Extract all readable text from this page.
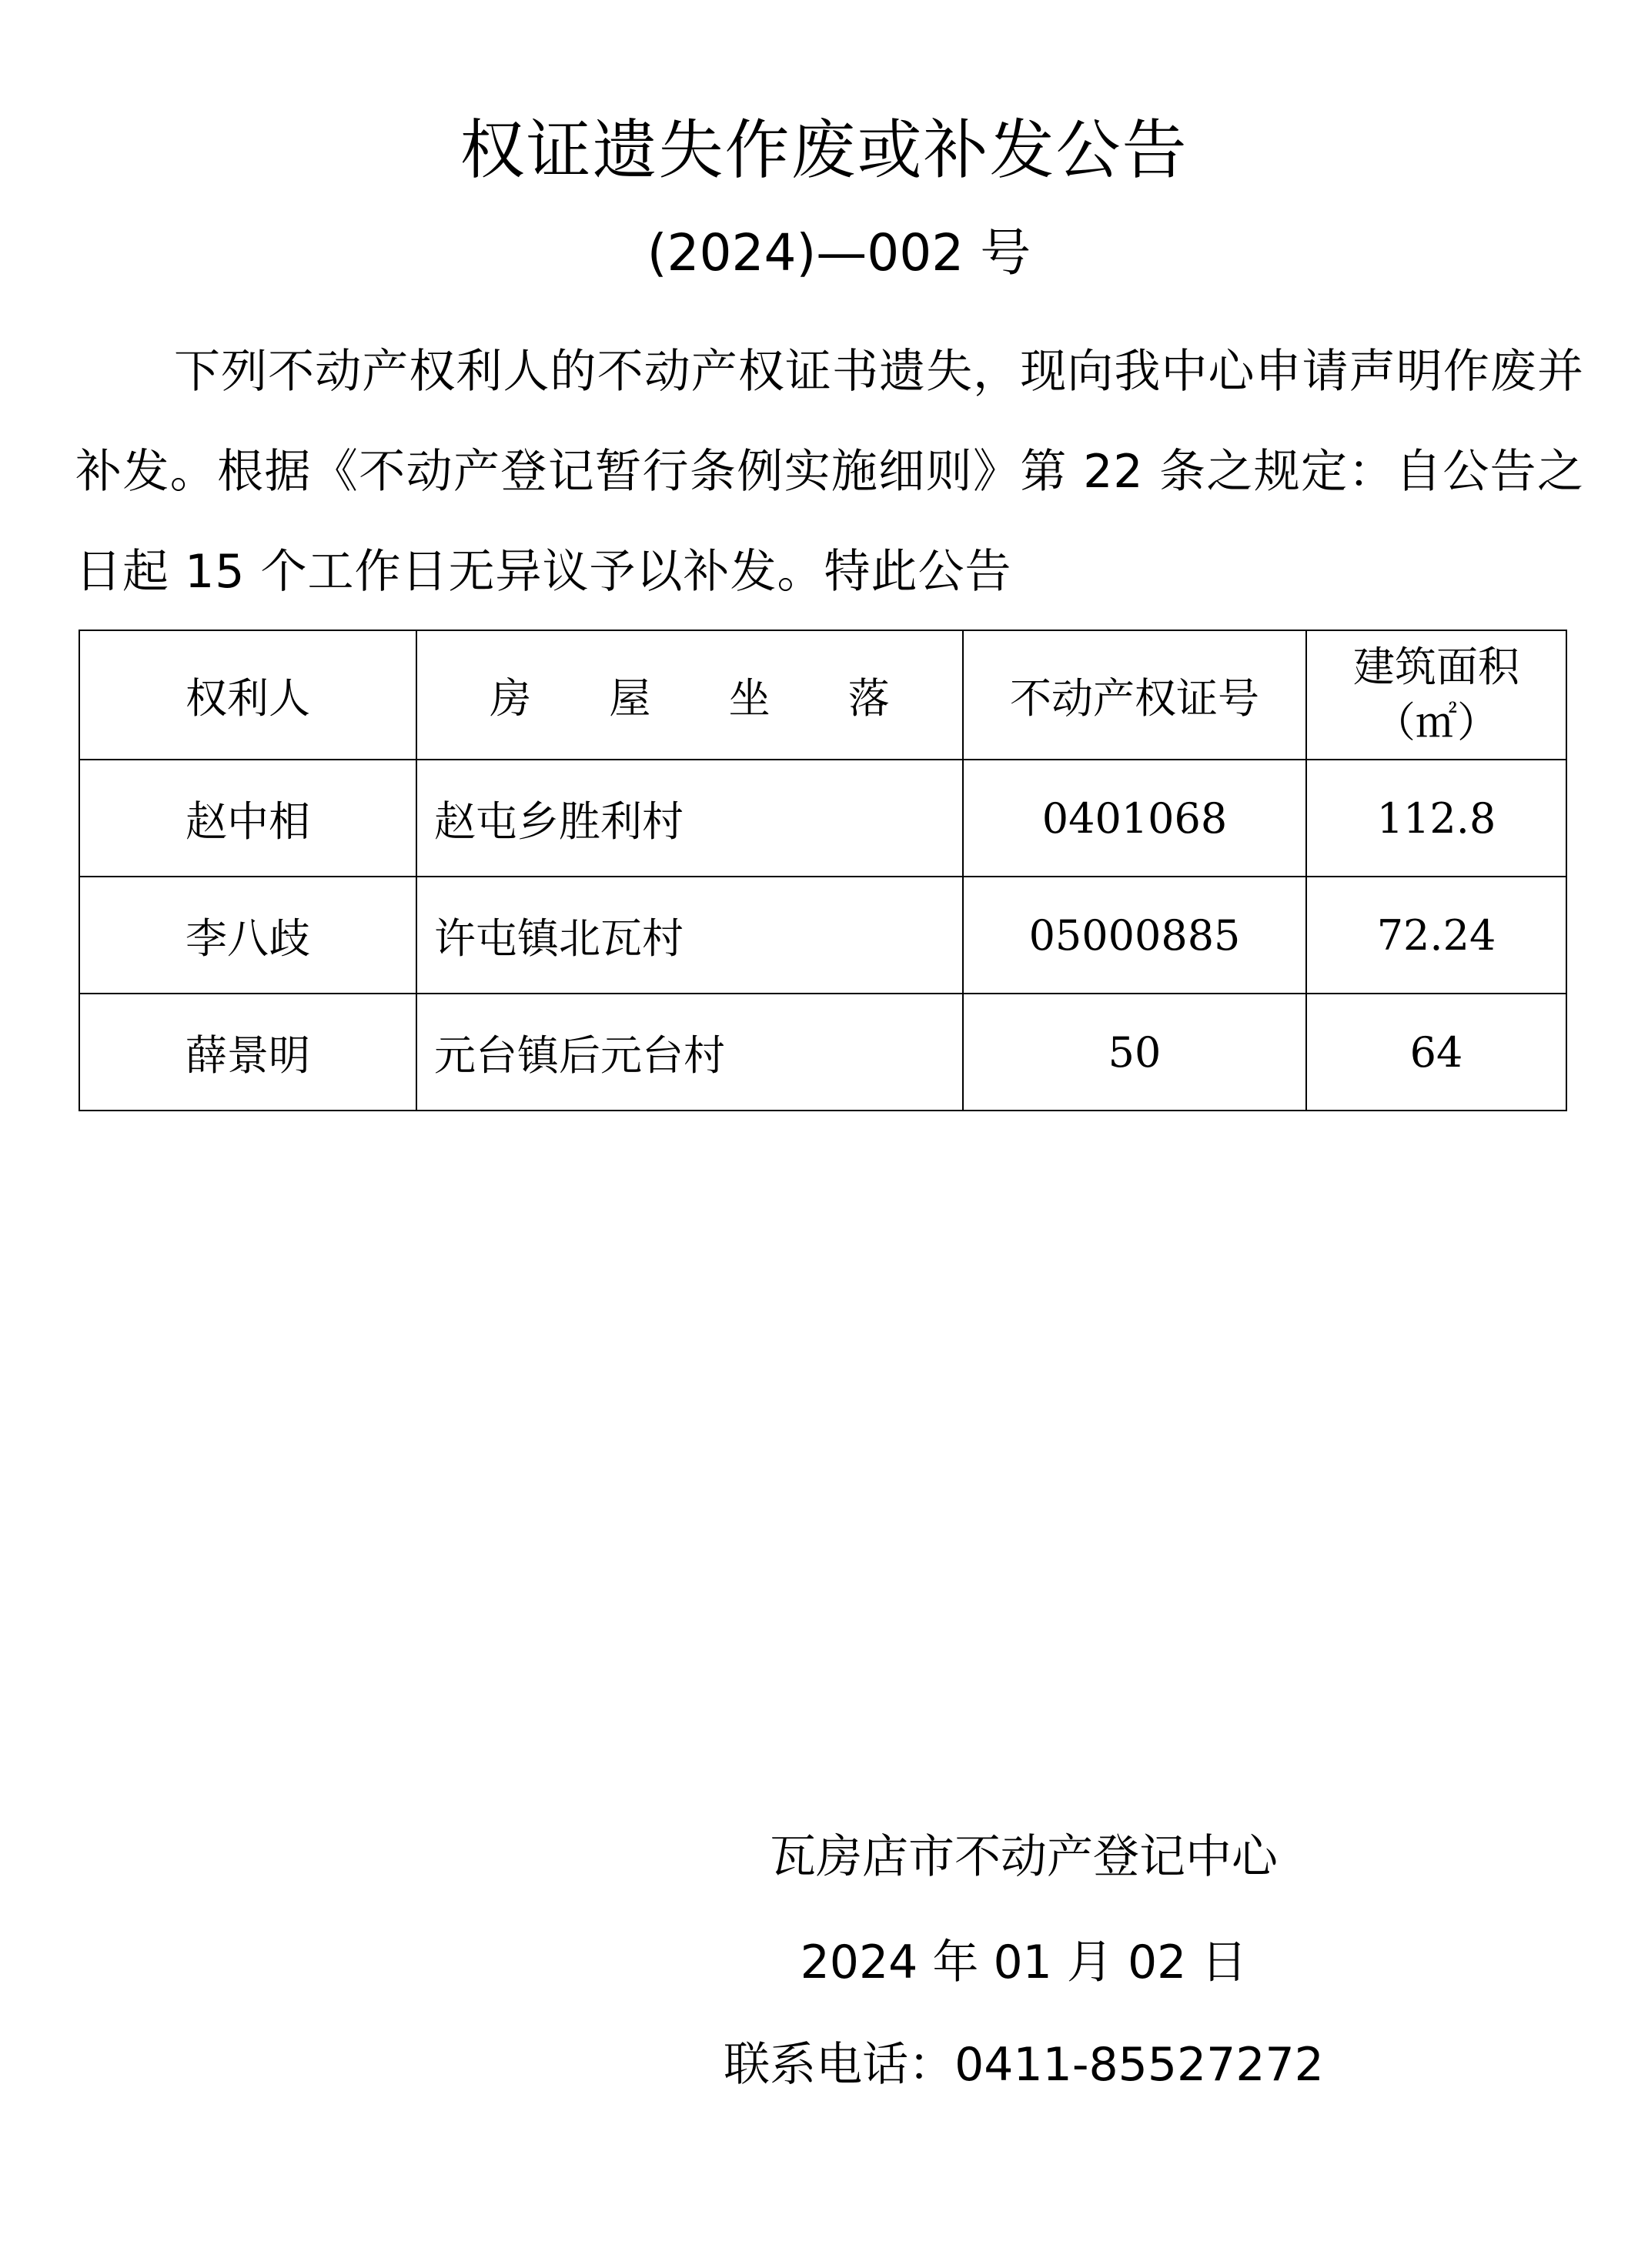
权证遗失作废或补发公告
(2024)—002 号
下列不动产权利人的不动产权证书遗失，现向我中心申请声明作废并补发。根据《不动产登记暂行条例实施细则》第 22 条之规定：自公告之日起 15 个工作日无异议予以补发。特此公告
权利人	房 屋 坐 落	不动产权证号	建筑面积
（㎡）

赵中相	赵屯乡胜利村	0401068	112.8
李八歧	许屯镇北瓦村	05000885	72.24
薛景明	元台镇后元台村	50	64
瓦房店市不动产登记中心
2024 年 01 月 02 日
联系电话：0411-85527272
